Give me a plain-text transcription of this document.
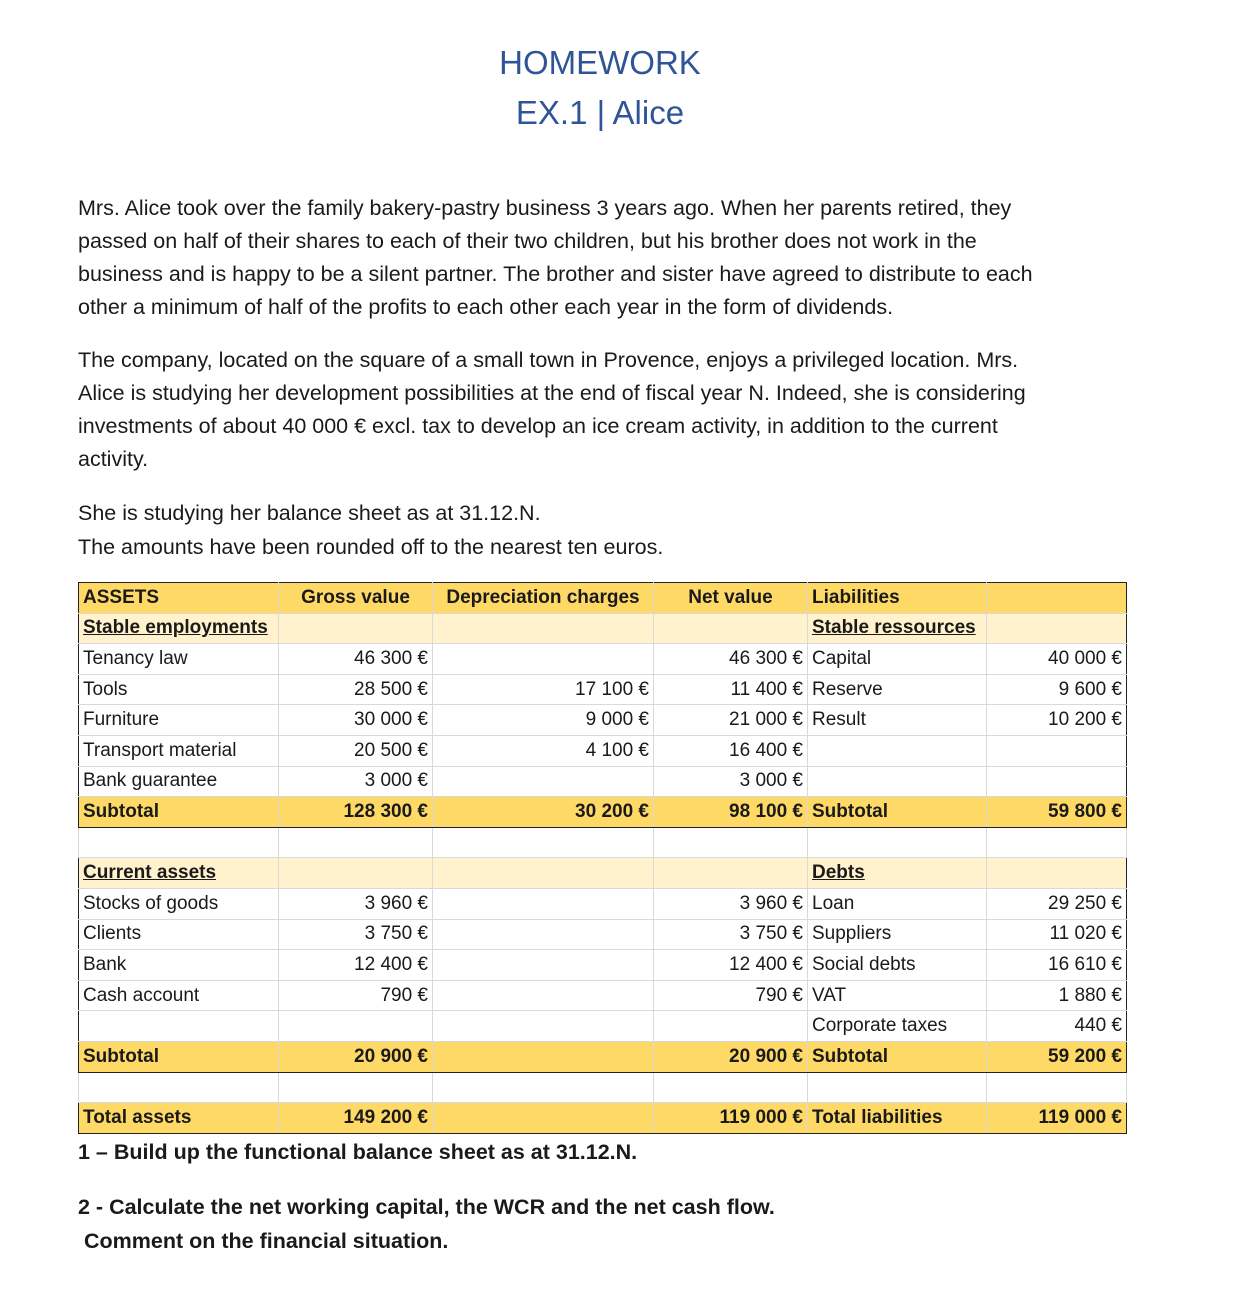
HOMEWORK
EX.1 | Alice
Mrs. Alice took over the family bakery-pastry business 3 years ago. When her parents retired, they
passed on half of their shares to each of their two children, but his brother does not work in the
business and is happy to be a silent partner. The brother and sister have agreed to distribute to each
other a minimum of half of the profits to each other each year in the form of dividends.
The company, located on the square of a small town in Provence, enjoys a privileged location. Mrs.
Alice is studying her development possibilities at the end of fiscal year N. Indeed, she is considering
investments of about 40 000 € excl. tax to develop an ice cream activity, in addition to the current
activity.
She is studying her balance sheet as at 31.12.N.
The amounts have been rounded off to the nearest ten euros.
ASSETS	Gross value	Depreciation charges	Net value	Liabilities	
Stable employments				Stable ressources	
Tenancy law	46 300 €		46 300 €	Capital	40 000 €
Tools	28 500 €	17 100 €	11 400 €	Reserve	9 600 €
Furniture	30 000 €	9 000 €	21 000 €	Result	10 200 €
Transport material	20 500 €	4 100 €	16 400 €		
Bank guarantee	3 000 €		3 000 €		
Subtotal	128 300 €	30 200 €	98 100 €	Subtotal	59 800 €

Current assets				Debts	
Stocks of goods	3 960 €		3 960 €	Loan	29 250 €
Clients	3 750 €		3 750 €	Suppliers	11 020 €
Bank	12 400 €		12 400 €	Social debts	16 610 €
Cash account	790 €		790 €	VAT	1 880 €
				Corporate taxes	440 €
Subtotal	20 900 €		20 900 €	Subtotal	59 200 €

Total assets	149 200 €		119 000 €	Total liabilities	119 000 €
1 – Build up the functional balance sheet as at 31.12.N.
2 - Calculate the net working capital, the WCR and the net cash flow.
Comment on the financial situation.
